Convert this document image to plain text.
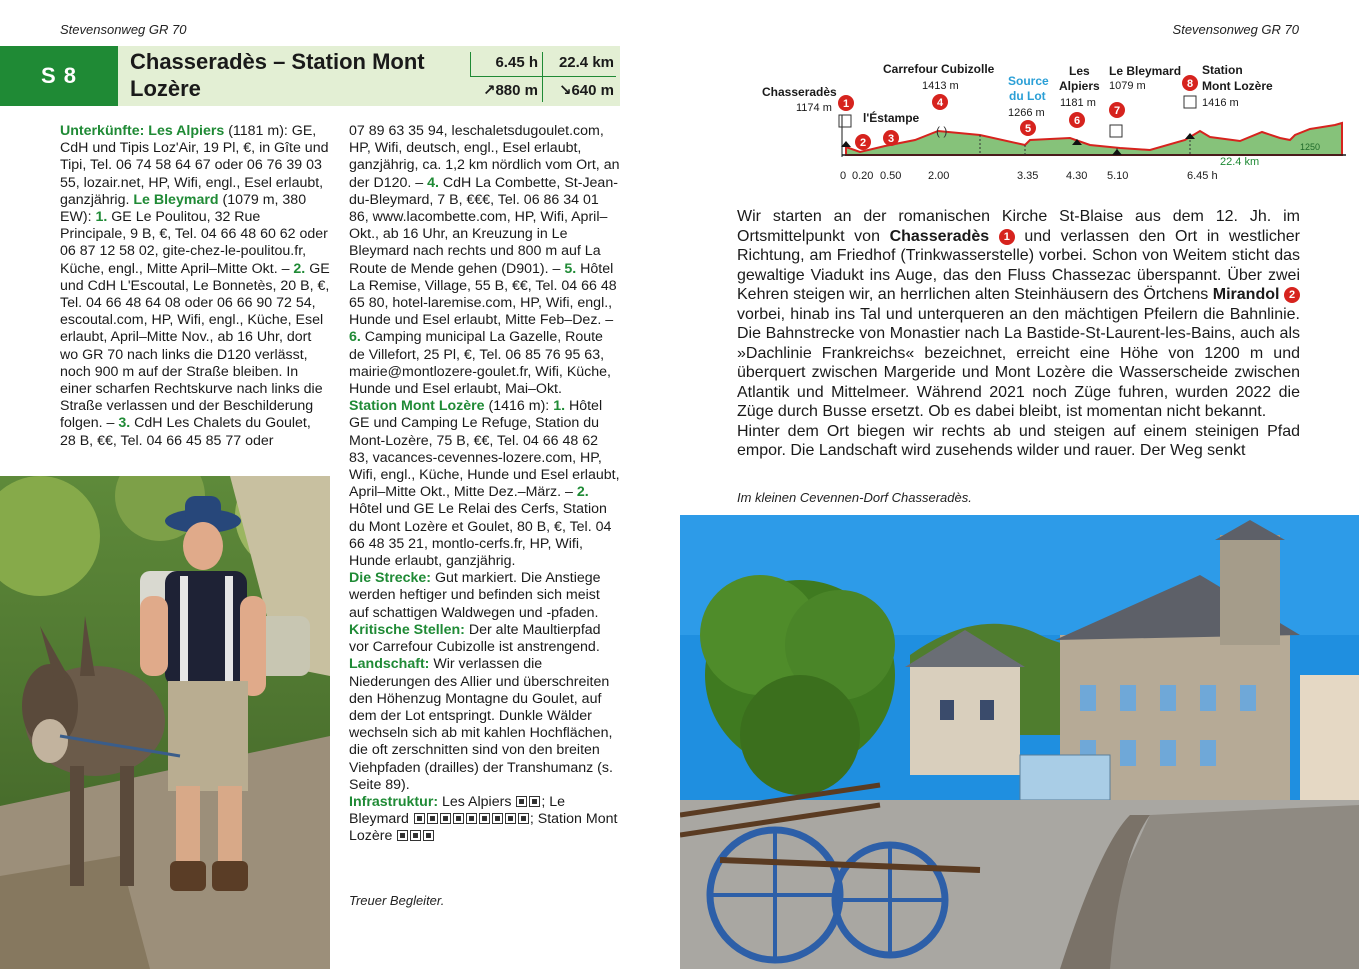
Stevensonweg GR 70
S 8
Chasseradès – Station Mont Lozère
6.45 h	22.4 km
↗880 m	↘640 m
Unterkünfte: Les Alpiers (1181 m): GE, CdH und Tipis Loz'Air, 19 Pl, €, in Gîte und Tipi, Tel. 06 74 58 64 67 oder 06 76 39 03 55, lozair.net, HP, Wifi, engl., Esel erlaubt, ganzjährig. Le Bleymard (1079 m, 380 EW): 1. GE Le Poulitou, 32 Rue Principale, 9 B, €, Tel. 04 66 48 60 62 oder 06 87 12 58 02, gite-chez-le-poulitou.fr, Küche, engl., Mitte April–Mitte Okt. – 2. GE und CdH L'Escoutal, Le Bonnetès, 20 B, €, Tel. 04 66 48 64 08 oder 06 66 90 72 54, escoutal.com, HP, Wifi, engl., Küche, Esel erlaubt, April–Mitte Nov., ab 16 Uhr, dort wo GR 70 nach links die D120 verlässt, noch 900 m auf der Straße bleiben. In einer scharfen Rechtskurve nach links die Straße verlassen und der Beschilderung folgen. – 3. CdH Les Chalets du Goulet, 28 B, €€, Tel. 04 66 45 85 77 oder
07 89 63 35 94, leschaletsdugoulet.com, HP, Wifi, deutsch, engl., Esel erlaubt, ganzjährig, ca. 1,2 km nördlich vom Ort, an der D120. – 4. CdH La Combette, St-Jean-du-Bleymard, 7 B, €€€, Tel. 06 86 34 01 86, www.lacombette.com, HP, Wifi, April–Okt., ab 16 Uhr, an Kreuzung in Le Bleymard nach rechts und 800 m auf La Route de Mende gehen (D901). – 5. Hôtel La Remise, Village, 55 B, €€, Tel. 04 66 48 65 80, hotel-laremise.com, HP, Wifi, engl., Hunde und Esel erlaubt, Mitte Feb–Dez. – 6. Camping municipal La Gazelle, Route de Villefort, 25 Pl, €, Tel. 06 85 76 95 63, mairie@montlozere-goulet.fr, Wifi, Küche, Hunde und Esel erlaubt, Mai–Okt.
Station Mont Lozère (1416 m): 1. Hôtel GE und Camping Le Refuge, Station du Mont-Lozère, 75 B, €€, Tel. 04 66 48 62 83, vacances-cevennes-lozere.com, HP, Wifi, engl., Küche, Hunde und Esel erlaubt, April–Mitte Okt., Mitte Dez.–März. – 2. Hôtel und GE Le Relai des Cerfs, Station du Mont Lozère et Goulet, 80 B, €, Tel. 04 66 48 35 21, montlo-cerfs.fr, HP, Wifi, Hunde erlaubt, ganzjährig.
Die Strecke: Gut markiert. Die Anstiege werden heftiger und befinden sich meist auf schattigen Waldwegen und -pfaden.
Kritische Stellen: Der alte Maultierpfad vor Carrefour Cubizolle ist anstrengend.
Landschaft: Wir verlassen die Niederungen des Allier und überschreiten den Höhenzug Montagne du Goulet, auf dem der Lot entspringt. Dunkle Wälder wechseln sich ab mit kahlen Hochflächen, die oft zerschnitten sind von den breiten Viehpfaden (drailles) der Transhumanz (s. Seite 89).
Infrastruktur: Les Alpiers ; Le Bleymard	; Station Mont Lozère
Treuer Begleiter.
Stevensonweg GR 70
1250
22.4 km
0 0.20 0.50 2.00	3.35	4.30 5.10	6.45 h
Chasseradès
1174 m
l'Éstampe
Carrefour Cubizolle
1413 m	Source
du Lot
1266 m
Les
Alpiers
1181 m
Le Bleymard
1079 m
Station
Mont Lozère
1416 m
1
2 3
4
5
6
7
8
( )

Wir starten an der romanischen Kirche St-Blaise aus dem 12. Jh. im Ortsmittelpunkt von Chasseradès 1 und verlassen den Ort in westlicher Richtung, am Friedhof (Trinkwasserstelle) vorbei. Schon von Weitem sticht das gewaltige Viadukt ins Auge, das den Fluss Chassezac überspannt. Über zwei Kehren steigen wir, an herrlichen alten Steinhäusern des Örtchens Mirandol 2 vorbei, hinab ins Tal und unterqueren an den mächtigen Pfeilern die Bahnlinie. Die Bahnstrecke von Monastier nach La Bastide-St-Laurent-les-Bains, auch als »Dachlinie Frankreichs« bezeichnet, erreicht eine Höhe von 1200 m und überquert zwischen Margeride und Mont Lozère die Wasserscheide zwischen Atlantik und Mittelmeer. Während 2021 noch Züge fuhren, wurden 2022 die Züge durch Busse ersetzt. Ob es dabei bleibt, ist momentan nicht bekannt.

Hinter dem Ort biegen wir rechts ab und steigen auf einem steinigen Pfad empor. Die Landschaft wird zusehends wilder und rauer. Der Weg senkt

Im kleinen Cevennen-Dorf Chasseradès.
